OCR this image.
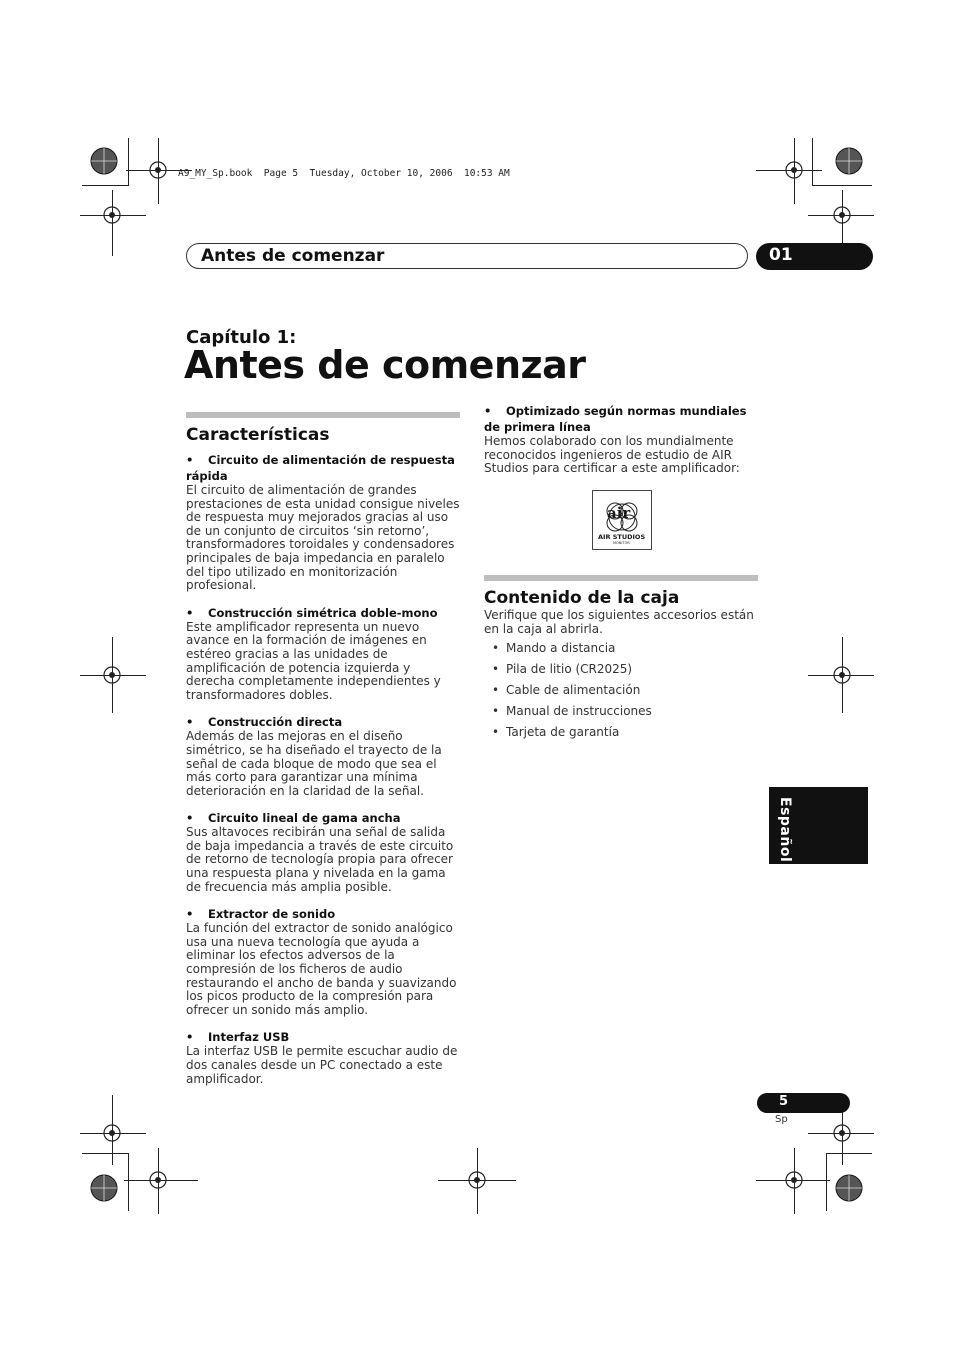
A9_MY_Sp.book  Page 5  Tuesday, October 10, 2006  10:53 AM
Antes de comenzar	01
Capítulo 1:
Antes de comenzar
Características
• Circuito de alimentación de respuesta rápida
El circuito de alimentación de grandes prestaciones de esta unidad consigue niveles de respuesta muy mejorados gracias al uso de un conjunto de circuitos ‘sin retorno’, transformadores toroidales y condensadores principales de baja impedancia en paralelo del tipo utilizado en monitorización profesional.
• Construcción simétrica doble-mono
Este amplificador representa un nuevo avance en la formación de imágenes en estéreo gracias a las unidades de amplificación de potencia izquierda y derecha completamente independientes y transformadores dobles.
• Construcción directa
Además de las mejoras en el diseño simétrico, se ha diseñado el trayecto de la señal de cada bloque de modo que sea el más corto para garantizar una mínima deterioración en la claridad de la señal.
• Circuito lineal de gama ancha
Sus altavoces recibirán una señal de salida de baja impedancia a través de este circuito de retorno de tecnología propia para ofrecer una respuesta plana y nivelada en la gama de frecuencia más amplia posible.
• Extractor de sonido
La función del extractor de sonido analógico usa una nueva tecnología que ayuda a eliminar los efectos adversos de la compresión de los ficheros de audio restaurando el ancho de banda y suavizando los picos producto de la compresión para ofrecer un sonido más amplio.
• Interfaz USB
La interfaz USB le permite escuchar audio de dos canales desde un PC conectado a este amplificador.
• Optimizado según normas mundiales de primera línea
Hemos colaborado con los mundialmente reconocidos ingenieros de estudio de AIR Studios para certificar a este amplificador:
air
AIR STUDIOS
MONITOR
Contenido de la caja
Verifique que los siguientes accesorios están en la caja al abrirla.
• Mando a distancia
• Pila de litio (CR2025)
• Cable de alimentación
• Manual de instrucciones
• Tarjeta de garantía
Español
5
Sp
